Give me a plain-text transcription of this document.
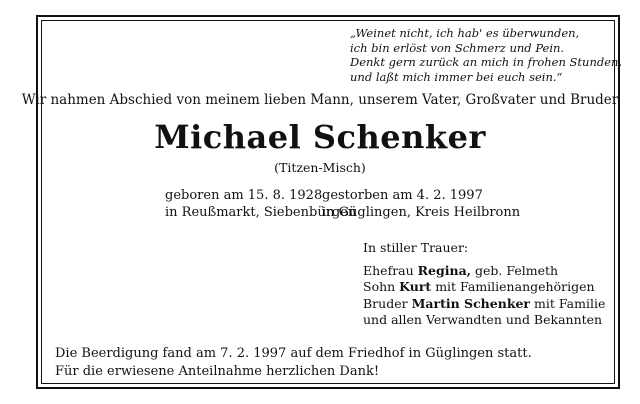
„Weinet nicht, ich hab' es überwunden,
ich bin erlöst von Schmerz und Pein.
Denkt gern zurück an mich in frohen Stunden,
und laßt mich immer bei euch sein.“
Wir nahmen Abschied von meinem lieben Mann, unserem Vater, Großvater und Bruder
Michael Schenker
(Titzen-Misch)
geboren am 15. 8. 1928
in Reußmarkt, Siebenbürgen
gestorben am 4. 2. 1997
in Güglingen, Kreis Heilbronn
In stiller Trauer:
Ehefrau Regina, geb. Felmeth
Sohn Kurt mit Familienangehörigen
Bruder Martin Schenker mit Familie
und allen Verwandten und Bekannten
Die Beerdigung fand am 7. 2. 1997 auf dem Friedhof in Güglingen statt.
Für die erwiesene Anteilnahme herzlichen Dank!
